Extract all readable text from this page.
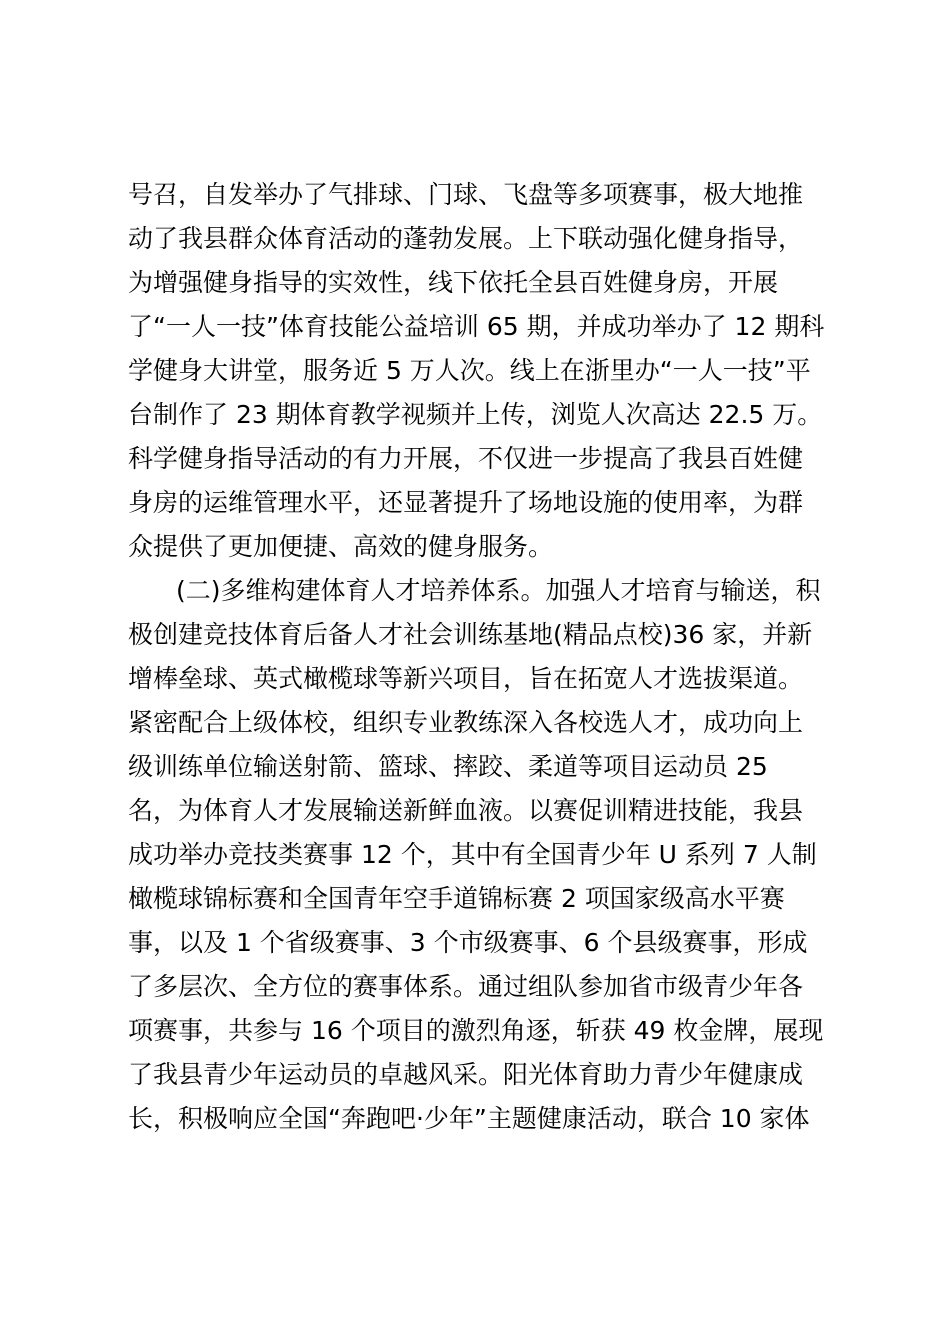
号召，自发举办了气排球、门球、飞盘等多项赛事，极大地推
动了我县群众体育活动的蓬勃发展。上下联动强化健身指导，
为增强健身指导的实效性，线下依托全县百姓健身房，开展
了“一人一技”体育技能公益培训 65 期，并成功举办了 12 期科
学健身大讲堂，服务近 5 万人次。线上在浙里办“一人一技”平
台制作了 23 期体育教学视频并上传，浏览人次高达 22.5 万。
科学健身指导活动的有力开展，不仅进一步提高了我县百姓健
身房的运维管理水平，还显著提升了场地设施的使用率，为群
众提供了更加便捷、高效的健身服务。
(二)多维构建体育人才培养体系。加强人才培育与输送，积
极创建竞技体育后备人才社会训练基地(精品点校)36 家，并新
增棒垒球、英式橄榄球等新兴项目，旨在拓宽人才选拔渠道。
紧密配合上级体校，组织专业教练深入各校选人才，成功向上
级训练单位输送射箭、篮球、摔跤、柔道等项目运动员 25
名，为体育人才发展输送新鲜血液。以赛促训精进技能，我县
成功举办竞技类赛事 12 个，其中有全国青少年 U 系列 7 人制
橄榄球锦标赛和全国青年空手道锦标赛 2 项国家级高水平赛
事，以及 1 个省级赛事、3 个市级赛事、6 个县级赛事，形成
了多层次、全方位的赛事体系。通过组队参加省市级青少年各
项赛事，共参与 16 个项目的激烈角逐，斩获 49 枚金牌，展现
了我县青少年运动员的卓越风采。阳光体育助力青少年健康成
长，积极响应全国“奔跑吧·少年”主题健康活动，联合 10 家体
